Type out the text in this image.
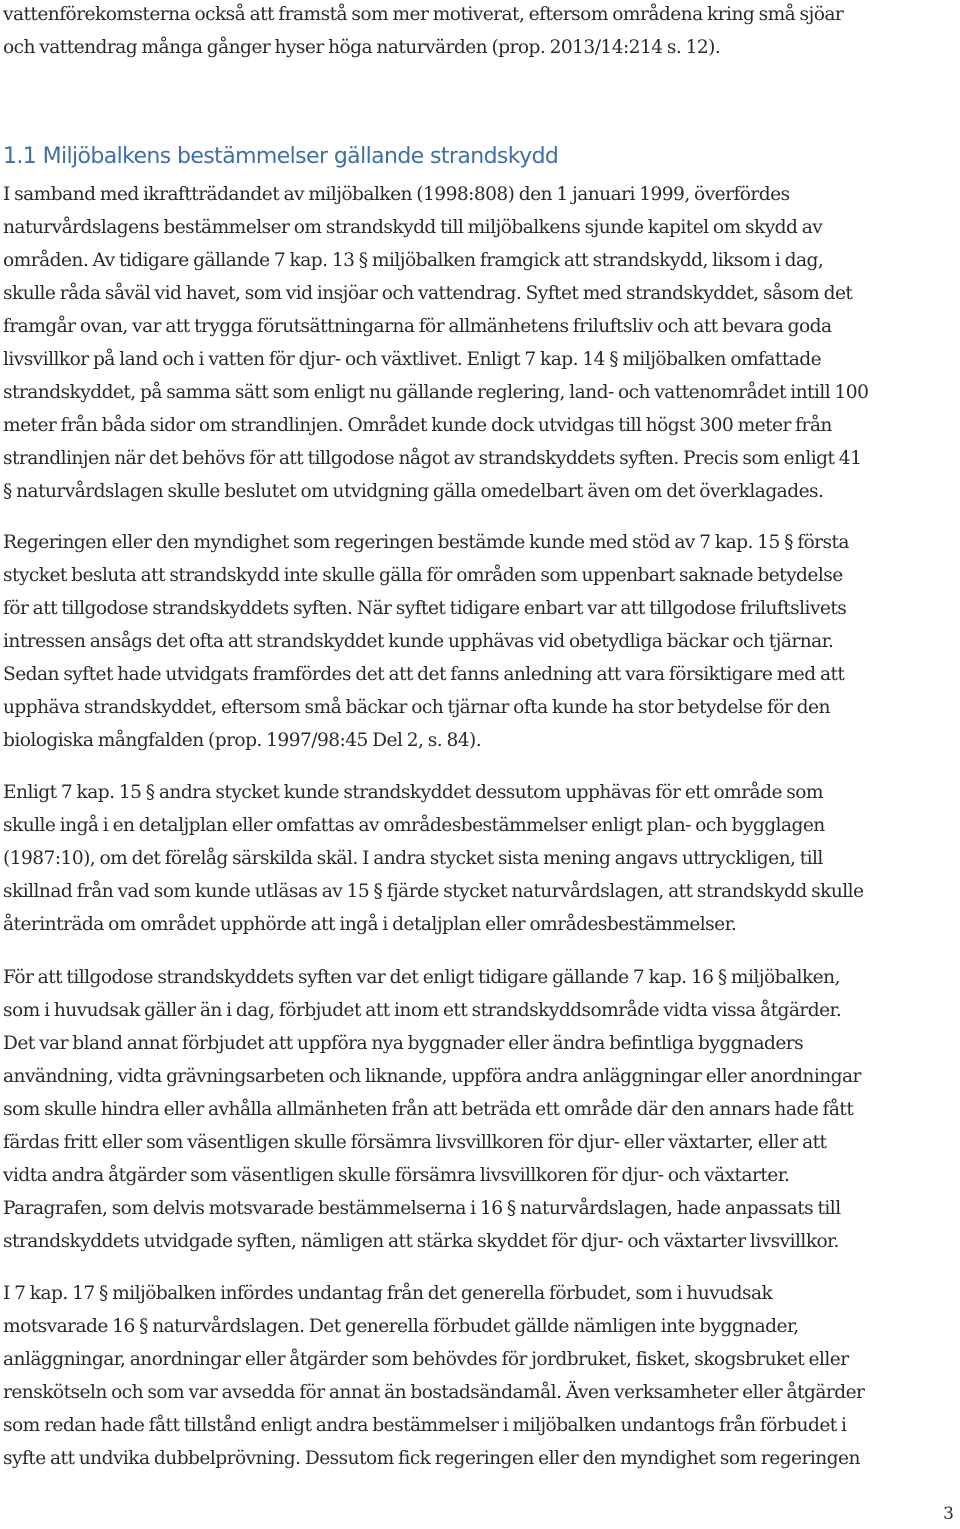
vattenförekomsterna också att framstå som mer motiverat, eftersom områdena kring små sjöar
och vattendrag många gånger hyser höga naturvärden (prop. 2013/14:214 s. 12).
1.1 Miljöbalkens bestämmelser gällande strandskydd
I samband med ikraftträdandet av miljöbalken (1998:808) den 1 januari 1999, överfördes
naturvårdslagens bestämmelser om strandskydd till miljöbalkens sjunde kapitel om skydd av
områden. Av tidigare gällande 7 kap. 13 § miljöbalken framgick att strandskydd, liksom i dag,
skulle råda såväl vid havet, som vid insjöar och vattendrag. Syftet med strandskyddet, såsom det
framgår ovan, var att trygga förutsättningarna för allmänhetens friluftsliv och att bevara goda
livsvillkor på land och i vatten för djur- och växtlivet. Enligt 7 kap. 14 § miljöbalken omfattade
strandskyddet, på samma sätt som enligt nu gällande reglering, land- och vattenområdet intill 100
meter från båda sidor om strandlinjen. Området kunde dock utvidgas till högst 300 meter från
strandlinjen när det behövs för att tillgodose något av strandskyddets syften. Precis som enligt 41
§ naturvårdslagen skulle beslutet om utvidgning gälla omedelbart även om det överklagades.
Regeringen eller den myndighet som regeringen bestämde kunde med stöd av 7 kap. 15 § första
stycket besluta att strandskydd inte skulle gälla för områden som uppenbart saknade betydelse
för att tillgodose strandskyddets syften. När syftet tidigare enbart var att tillgodose friluftslivets
intressen ansågs det ofta att strandskyddet kunde upphävas vid obetydliga bäckar och tjärnar.
Sedan syftet hade utvidgats framfördes det att det fanns anledning att vara försiktigare med att
upphäva strandskyddet, eftersom små bäckar och tjärnar ofta kunde ha stor betydelse för den
biologiska mångfalden (prop. 1997/98:45 Del 2, s. 84).
Enligt 7 kap. 15 § andra stycket kunde strandskyddet dessutom upphävas för ett område som
skulle ingå i en detaljplan eller omfattas av områdesbestämmelser enligt plan- och bygglagen
(1987:10), om det förelåg särskilda skäl. I andra stycket sista mening angavs uttryckligen, till
skillnad från vad som kunde utläsas av 15 § fjärde stycket naturvårdslagen, att strandskydd skulle
återinträda om området upphörde att ingå i detaljplan eller områdesbestämmelser.
För att tillgodose strandskyddets syften var det enligt tidigare gällande 7 kap. 16 § miljöbalken,
som i huvudsak gäller än i dag, förbjudet att inom ett strandskyddsområde vidta vissa åtgärder.
Det var bland annat förbjudet att uppföra nya byggnader eller ändra befintliga byggnaders
användning, vidta grävningsarbeten och liknande, uppföra andra anläggningar eller anordningar
som skulle hindra eller avhålla allmänheten från att beträda ett område där den annars hade fått
färdas fritt eller som väsentligen skulle försämra livsvillkoren för djur- eller växtarter, eller att
vidta andra åtgärder som väsentligen skulle försämra livsvillkoren för djur- och växtarter.
Paragrafen, som delvis motsvarade bestämmelserna i 16 § naturvårdslagen, hade anpassats till
strandskyddets utvidgade syften, nämligen att stärka skyddet för djur- och växtarter livsvillkor.
I 7 kap. 17 § miljöbalken infördes undantag från det generella förbudet, som i huvudsak
motsvarade 16 § naturvårdslagen. Det generella förbudet gällde nämligen inte byggnader,
anläggningar, anordningar eller åtgärder som behövdes för jordbruket, fisket, skogsbruket eller
renskötseln och som var avsedda för annat än bostadsändamål. Även verksamheter eller åtgärder
som redan hade fått tillstånd enligt andra bestämmelser i miljöbalken undantogs från förbudet i
syfte att undvika dubbelprövning. Dessutom fick regeringen eller den myndighet som regeringen
3
